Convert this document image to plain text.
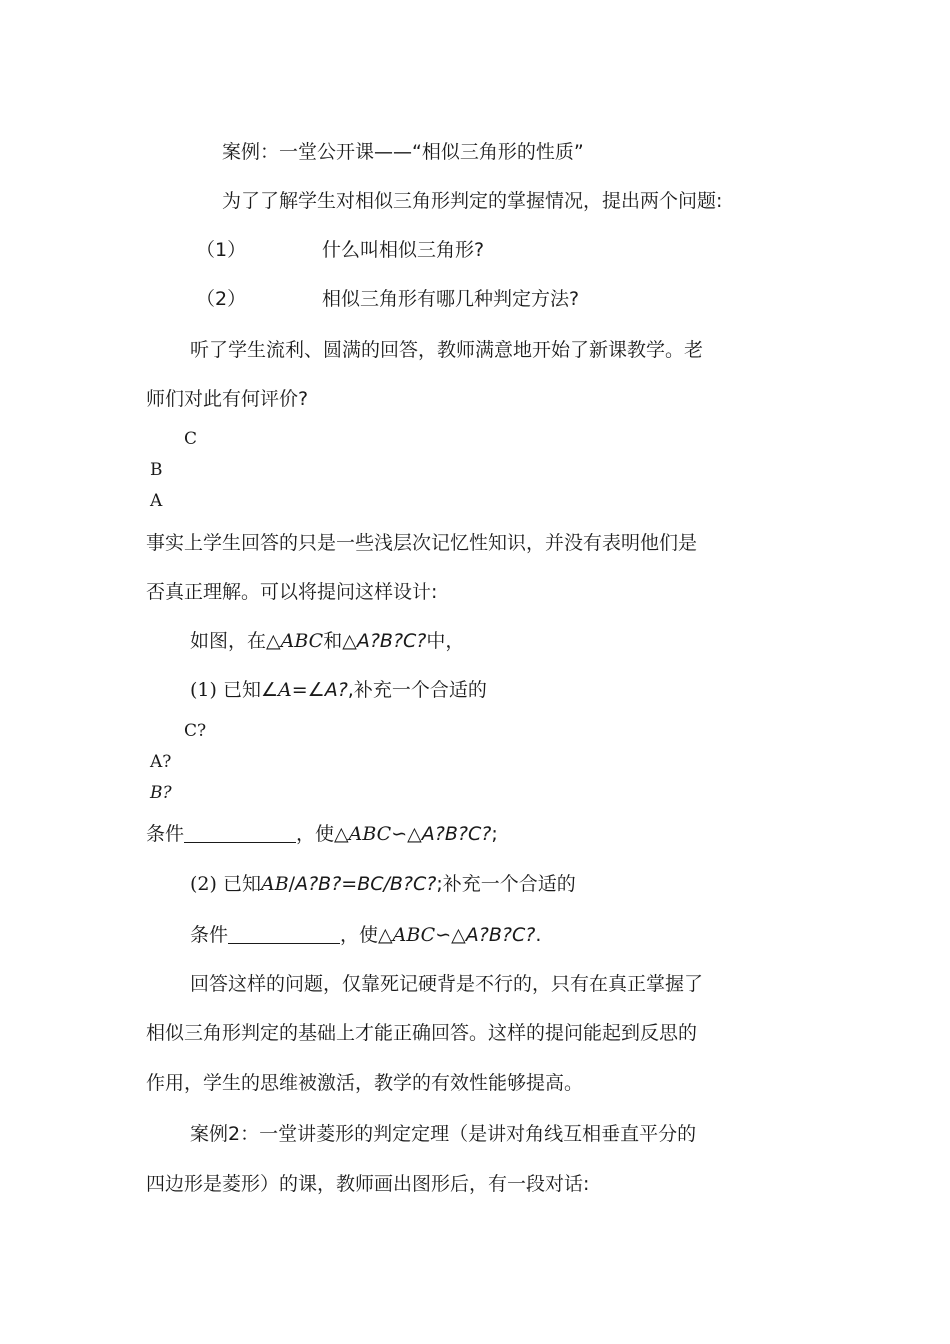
案例：一堂公开课——“相似三角形的性质”
为了了解学生对相似三角形判定的掌握情况，提出两个问题:
（1）	什么叫相似三角形?
（2）	相似三角形有哪几种判定方法?
听了学生流利、圆满的回答，教师满意地开始了新课教学。老
师们对此有何评价?
C
B
A
事实上学生回答的只是一些浅层次记忆性知识，并没有表明他们是
否真正理解。可以将提问这样设计:
如图，在△ABC和△A?B?C?中，
(1) 已知∠A=∠A?,补充一个合适的
C?
A?
B?
条件	，使△ABC∽△A?B?C?;
(2) 已知AB/A?B?=BC/B?C?;补充一个合适的
条件	，使△ABC∽△A?B?C?.
回答这样的问题，仅靠死记硬背是不行的，只有在真正掌握了
相似三角形判定的基础上才能正确回答。这样的提问能起到反思的
作用，学生的思维被激活，教学的有效性能够提高。
案例2：一堂讲菱形的判定定理（是讲对角线互相垂直平分的
四边形是菱形）的课，教师画出图形后，有一段对话:
